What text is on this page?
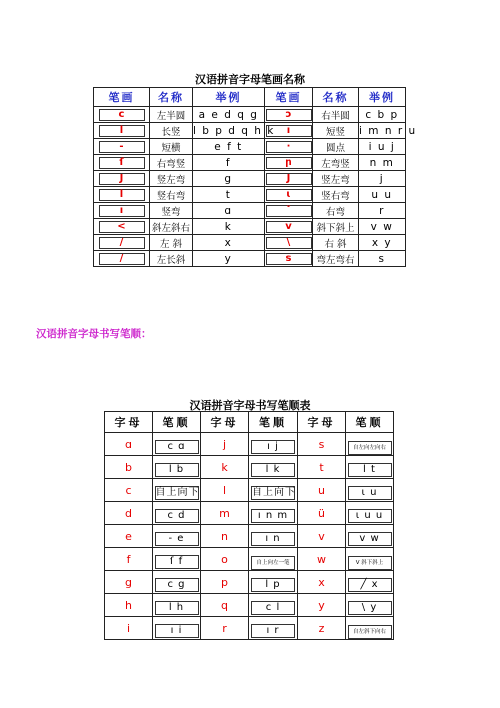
汉语拼音字母笔画名称
笔画	名称	举例	笔画	名称	举例
c	左半圆	a e d q g	ɔ	右半圆	c b p
l	长竖	l b p d q h k	ı	短竖	i m n r u
-	短横	e f t	·	圆点	i u j
ſ	右弯竖	f	ր	左弯竖	n m
J	竖左弯	g	J	竖左弯	j
l	竖右弯	t	ɩ	竖右弯	u u
ı	竖弯	ɑ	ˇ	右弯	r
<	斜左斜右	k	v	斜下斜上	v w
/	左 斜	x	\	右 斜	x y
/	左长斜	y	s	弯左弯右	s
汉语拼音字母书写笔顺：
汉语拼音字母书写笔顺表
字母	笔顺	字母	笔顺	字母	笔顺
ɑ	c ɑ	j	ı j	s	自左向左向右
b	l b	k	l k	t	l t
c	自上向下	l	自上向下	u	ɩ u
d	c d	m	ı n m	ü	ɩ u u
e	- e	n	ı n	v	v w
f	ſ f	o	自上向左一笔	w	V 斜下斜上
g	c g	p	l p	x	╱ x
h	l h	q	c l	y	\ y
i	ı i	r	ı r	z	自左斜下向右
